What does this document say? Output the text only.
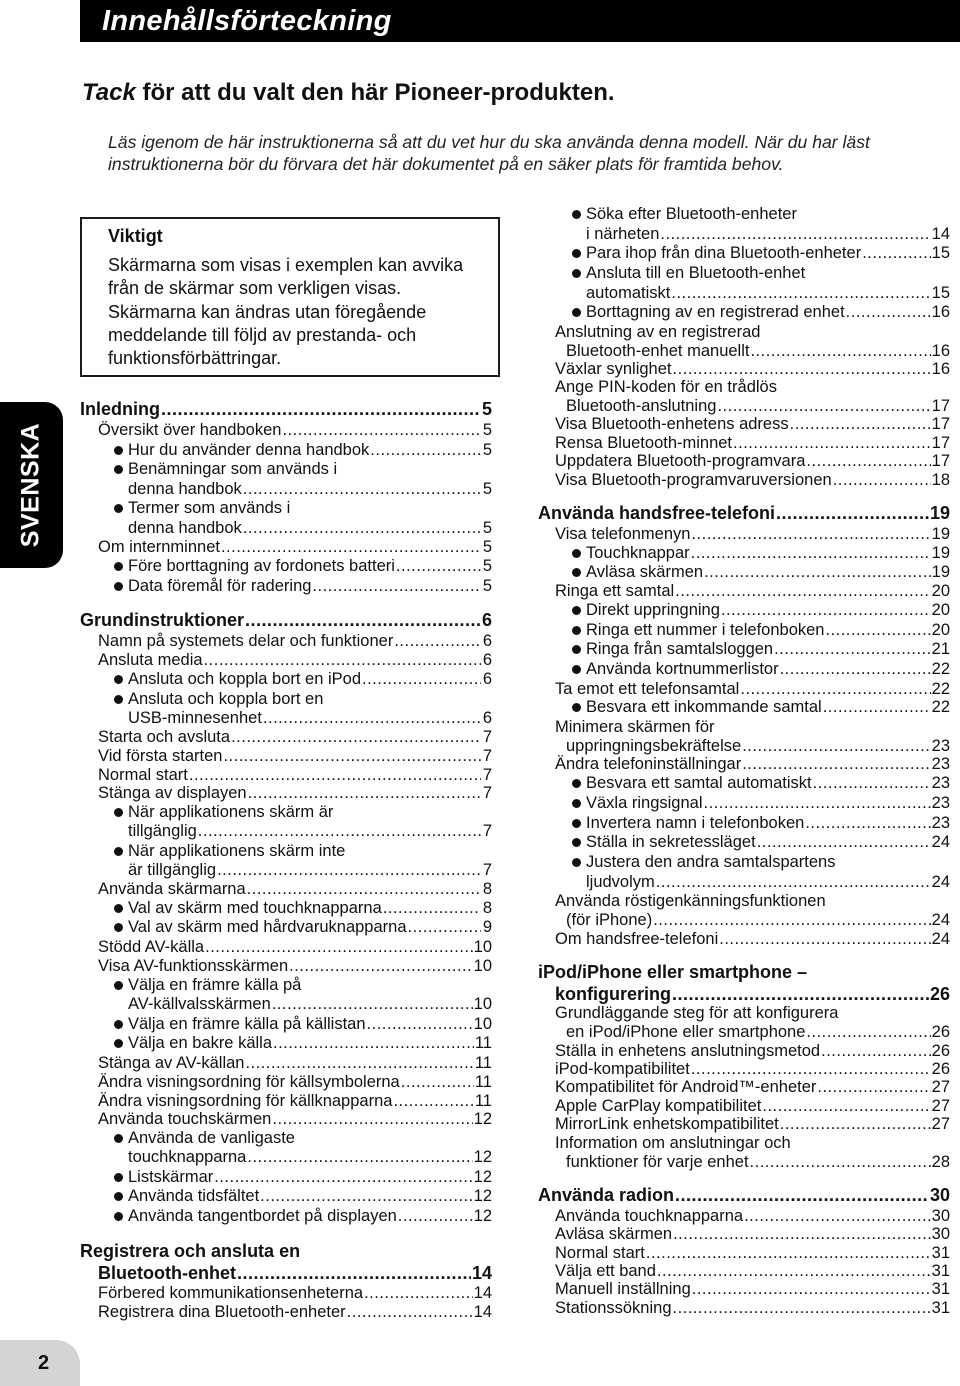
Innehållsförteckning
Tack för att du valt den här Pioneer-produkten.
Läs igenom de här instruktionerna så att du vet hur du ska använda denna modell. När du har läst
instruktionerna bör du förvara det här dokumentet på en säker plats för framtida behov.
Viktigt
Skärmarna som visas i exemplen kan avvika
från de skärmar som verkligen visas.
Skärmarna kan ändras utan föregående
meddelande till följd av prestanda- och
funktionsförbättringar.
SVENSKA
2
Inledning .....	5
Översikt över handboken .....	5
Hur du använder denna handbok .....	5
Benämningar som används i
denna handbok .....	5
Termer som används i
denna handbok .....	5
Om internminnet .....	5
Före borttagning av fordonets batteri .....	5
Data föremål för radering .....	5
Grundinstruktioner .....	6
Namn på systemets delar och funktioner .....	6
Ansluta media .....	6
Ansluta och koppla bort en iPod .....	6
Ansluta och koppla bort en
USB-minnesenhet .....	6
Starta och avsluta .....	7
Vid första starten .....	7
Normal start .....	7
Stänga av displayen .....	7
När applikationens skärm är
tillgänglig .....	7
När applikationens skärm inte
är tillgänglig .....	7
Använda skärmarna .....	8
Val av skärm med touchknapparna .....	8
Val av skärm med hårdvaruknapparna .....	9
Stödd AV-källa .....	10
Visa AV-funktionsskärmen .....	10
Välja en främre källa på
AV-källvalsskärmen .....	10
Välja en främre källa på källistan .....	10
Välja en bakre källa .....	11
Stänga av AV-källan .....	11
Ändra visningsordning för källsymbolerna .....	11
Ändra visningsordning för källknapparna .....	11
Använda touchskärmen .....	12
Använda de vanligaste
touchknapparna .....	12
Listskärmar .....	12
Använda tidsfältet .....	12
Använda tangentbordet på displayen .....	12
Registrera och ansluta en
Bluetooth-enhet .....	14
Förbered kommunikationsenheterna .....	14
Registrera dina Bluetooth-enheter .....	14
Söka efter Bluetooth-enheter
i närheten .....	14
Para ihop från dina Bluetooth-enheter .....	15
Ansluta till en Bluetooth-enhet
automatiskt .....	15
Borttagning av en registrerad enhet .....	16
Anslutning av en registrerad
Bluetooth-enhet manuellt .....	16
Växlar synlighet .....	16
Ange PIN-koden för en trådlös
Bluetooth-anslutning .....	17
Visa Bluetooth-enhetens adress .....	17
Rensa Bluetooth-minnet .....	17
Uppdatera Bluetooth-programvara .....	17
Visa Bluetooth-programvaruversionen .....	18
Använda handsfree-telefoni .....	19
Visa telefonmenyn .....	19
Touchknappar .....	19
Avläsa skärmen .....	19
Ringa ett samtal .....	20
Direkt uppringning .....	20
Ringa ett nummer i telefonboken .....	20
Ringa från samtalsloggen .....	21
Använda kortnummerlistor .....	22
Ta emot ett telefonsamtal .....	22
Besvara ett inkommande samtal .....	22
Minimera skärmen för
uppringningsbekräftelse .....	23
Ändra telefoninställningar .....	23
Besvara ett samtal automatiskt .....	23
Växla ringsignal .....	23
Invertera namn i telefonboken .....	23
Ställa in sekretessläget .....	24
Justera den andra samtalspartens
ljudvolym .....	24
Använda röstigenkänningsfunktionen
(för iPhone) .....	24
Om handsfree-telefoni .....	24
iPod/iPhone eller smartphone –
konfigurering .....	26
Grundläggande steg för att konfigurera
en iPod/iPhone eller smartphone .....	26
Ställa in enhetens anslutningsmetod .....	26
iPod-kompatibilitet .....	26
Kompatibilitet för Android™-enheter .....	27
Apple CarPlay kompatibilitet .....	27
MirrorLink enhetskompatibilitet .....	27
Information om anslutningar och
funktioner för varje enhet .....	28
Använda radion .....	30
Använda touchknapparna .....	30
Avläsa skärmen .....	30
Normal start .....	31
Välja ett band .....	31
Manuell inställning .....	31
Stationssökning .....	31
